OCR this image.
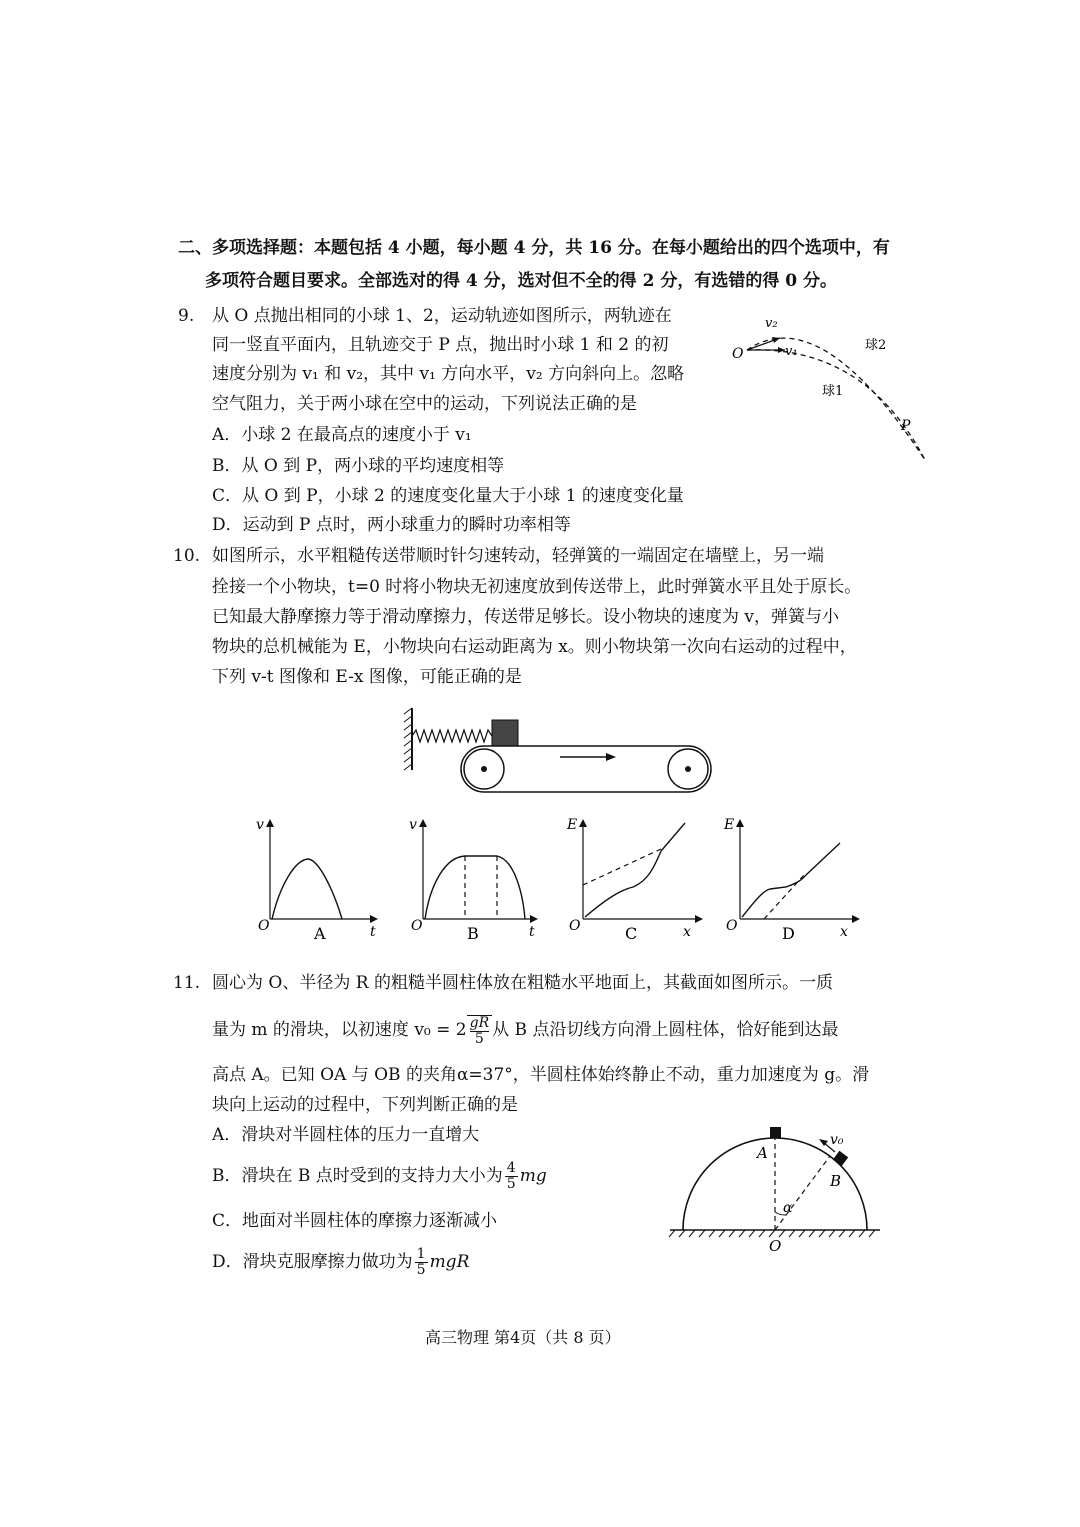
二、多项选择题：本题包括 4 小题，每小题 4 分，共 16 分。在每小题给出的四个选项中，有
多项符合题目要求。全部选对的得 4 分，选对但不全的得 2 分，有选错的得 0 分。
9. 从 O 点抛出相同的小球 1、2，运动轨迹如图所示，两轨迹在
同一竖直平面内，且轨迹交于 P 点，抛出时小球 1 和 2 的初
速度分别为 v₁ 和 v₂，其中 v₁ 方向水平，v₂ 方向斜向上。忽略
空气阻力，关于两小球在空中的运动，下列说法正确的是
A．小球 2 在最高点的速度小于 v₁
B．从 O 到 P，两小球的平均速度相等
C．从 O 到 P，小球 2 的速度变化量大于小球 1 的速度变化量
D．运动到 P 点时，两小球重力的瞬时功率相等
v₂
v₁
O
球2
球1
P
10. 如图所示，水平粗糙传送带顺时针匀速转动，轻弹簧的一端固定在墙壁上，另一端
拴接一个小物块，t=0 时将小物块无初速度放到传送带上，此时弹簧水平且处于原长。
已知最大静摩擦力等于滑动摩擦力，传送带足够长。设小物块的速度为 v，弹簧与小
物块的总机械能为 E，小物块向右运动距离为 x。则小物块第一次向右运动的过程中，
下列 v-t 图像和 E-x 图像，可能正确的是
v
t
O	A
v
t
O	B
E
x
O	C
E
x
O	D
11. 圆心为 O、半径为 R 的粗糙半圆柱体放在粗糙水平地面上，其截面如图所示。一质
量为 m 的滑块，以初速度 $v_0 = 2 \frac{gR}{5}$ 从 B 点沿切线方向滑上圆柱体，恰好能到达最
高点 A。已知 OA 与 OB 的夹角α=37°，半圆柱体始终静止不动，重力加速度为 g。滑
块向上运动的过程中，下列判断正确的是
A．滑块对半圆柱体的压力一直增大
B．滑块在 B 点时受到的支持力大小为 $\frac{4}{5}$ mg
C．地面对半圆柱体的摩擦力逐渐减小
D．滑块克服摩擦力做功为 $\frac{1}{5}$ mgR
A
B
O
α
v₀
高三物理 第4页（共 8 页）
